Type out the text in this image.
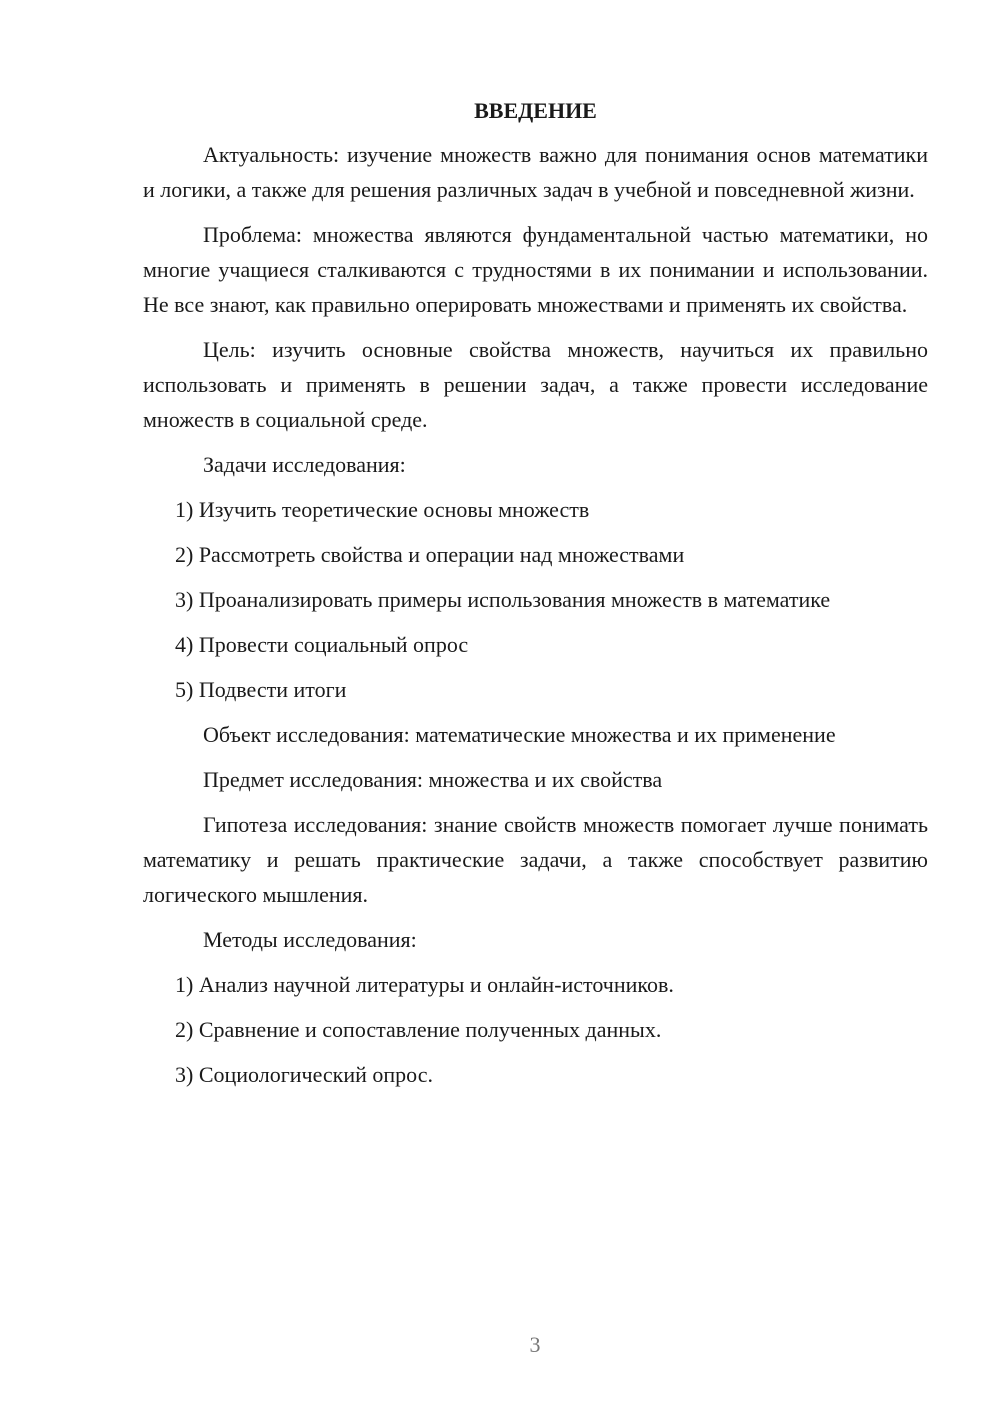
ВВЕДЕНИЕ

Актуальность: изучение множеств важно для понимания основ математики и логики, а также для решения различных задач в учебной и повседневной жизни.

Проблема: множества являются фундаментальной частью математики, но многие учащиеся сталкиваются с трудностями в их понимании и использовании. Не все знают, как правильно оперировать множествами и применять их свойства.

Цель: изучить основные свойства множеств, научиться их правильно использовать и применять в решении задач, а также провести исследование множеств в социальной среде.

Задачи исследования:
1) Изучить теоретические основы множеств
2) Рассмотреть свойства и операции над множествами
3) Проанализировать примеры использования множеств в математике
4) Провести социальный опрос
5) Подвести итоги
Объект исследования: математические множества и их применение
Предмет исследования: множества и их свойства

Гипотеза исследования: знание свойств множеств помогает лучше понимать математику и решать практические задачи, а также способствует развитию логического мышления.

Методы исследования:
1) Анализ научной литературы и онлайн-источников.
2) Сравнение и сопоставление полученных данных.
3) Социологический опрос.
3
